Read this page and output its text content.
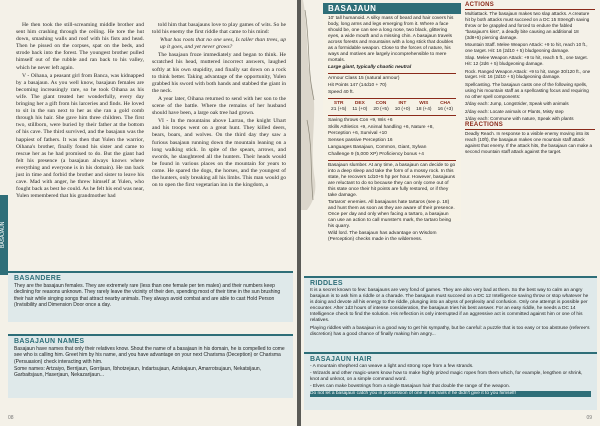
BASAJAUN

He then took the still-screaming middle brother and sent him crashing through the ceiling. He tore the hut down, smashing walls and roof with his fists and head. Then he pissed on the corpses, spat on the beds, and strode back into the forest. The youngest brother pulled himself out of the rubble and ran back to his valley, which he never left again.

V - Oihana, a peasant girl from Banca, was kidnapped by a basajaun. As you well know, basajaun females are becoming increasingly rare, so he took Oihana as his wife. The giant treated her wonderfully, every day bringing her a gift from his larceries and finds. He loved to sit in the sun next to her as she ran a gold comb through his hair. She gave him three children. The first two, stillborn, were buried by their father at the bottom of his cave. The third survived, and the basajaun was the happiest of fathers. It was then that Yulen the warrior, Oihana's brother, finally found his sister and came to rescue her as he had promised to do. But the giant had felt his presence (a basajaun always knows where everything and everyone is in his domain). He ran back just in time and forbid the brother and sister to leave his cave. Mad with anger, he threw himself at Yulen, who fought back as best he could. As he felt his end was near, Yulen remembered that his grandmother had

told him that basajauns love to play games of wits. So he told his enemy the first riddle that came to his mind:

What has roots that no one sees, Is taller than trees, up up it goes, and yet never grows?

The basajaun froze immediately and began to think. He scratched his head, muttered incorrect answers, laughed softly at his own stupidity, and finally sat down on a rock to think better. Taking advantage of the opportunity, Yulen grabbed his sword with both hands and stabbed the giant in the neck.

A year later, Oihana returned to send with her son to the scene of the battle. Where the remains of her husband should have been, a large oak tree had grown.

VI - In the mountains above Larrau, the knight Uhart and his troops went on a great hunt. They killed deers, bears, boars, and wolves. On the third day they saw a furious basajaun running down the mountain leaning on a long walking stick. In spite of the spears, arrows, and swords, he slaughtered all the hunters. Their heads would be found in various places on the mountain for years to come. He spared the dogs, the horses, and the youngest of the hunters, only breaking all his limbs. This man would go on to open the first vegetarian inn in the kingdom, a

BASANDERE

They are the basajaun females. They are extremely rare (less than one female per ten males) and their numbers keep declining for reasons unknown. They rarely leave the vicinity of their den, spending most of their time in the sun brushing their hair while singing songs that attract nearby animals. They always avoid combat and are able to cast Hold Person (Invisibility and Dimension Door once a day.

BASAJAUN NAMES

Basajaun have names that only their relatives know. Shout the name of a basajaun in his domain, he is compelled to come see who is calling him. Greet him by his name, and you have advantage on your next Charisma (Deception) or Charisma (Persuasion) check interacting with him.

Some names: Artzaiyo, Berrijaun, Gorrijaun, Ibhotzejaun, Indartsujaun, Aziskajaun, Amarrotsujaun, Nekatsijaun, Garbaitsjaun, Haserjaun, Nekazarijaun...

08
BASAJAUN

10' tall humanoid. A silky mass of beard and hair covers his body, long arms and legs emerging from it. Where a face should be, one can see a long nose, two black, glittering eyes, a wide mouth and a missing chin. A basajaun travels across forests and mountains with a long stick that doubles as a formidable weapon. Close to the forces of nature, his ways and motives are largely incomprehensible to mere mortals.

Large giant, typically chaotic neutral

Armour Class 15 (natural armour)

Hit Points 147 (14d10 + 70)

Speed 40 ft.

STR	DEX	CON	INT	WIS	CHA
21 (+5)	11 (+0)	20 (+5)	10 (+0)	18 (+4)	16 (+3)

Saving throws Con +9, Wis +6

Skills Athletics +9, Animal handling +6, Nature +8, Perception +6, Survival +10

Senses passive Perception 16

Languages Basajaun, Common, Giant, Sylvan

Challenge 9 (5,000 XP) Proficiency bonus +4

Basajaun slumber. At any time, a basajaun can decide to go into a deep sleep and take the form of a mossy rock. In this state, he recovers 1d10+5 hp per hour. However, basajauns are reluctant to do so because they can only come out of this state once their hit points are fully restored, or if they take damage.

Tartaros' enemies. All basajauns hate tartaros (see p. 18) and hunt them as soon as they are aware of their presence. Once per day and only when facing a tartaro, a basajaun can use an action to call munster's mark, the tartaro being his quarry.

Wild lord. The basajaun has advantage on Wisdom (Perception) checks made in the wilderness.

ACTIONS

Multiattack. The basajaun makes two slap attacks. A creature hit by both attacks must succeed on a DC 15 Strength saving throw or be grappled and forced to endure the fabled "basajaun's kiss", a deadly bite causing an additional 18 (3d8+5) piercing damage.

Mountain Staff. Melee Weapon Attack: +9 to hit, reach 10 ft., one target. Hit: 16 (2d10 + 5) bludgeoning damage.

Slap. Melee Weapon Attack: +9 to hit, reach 5 ft., one target. Hit: 12 (2d6 + 5) bludgeoning damage.

Rock. Ranged Weapon Attack: +9 to hit, range 30/120 ft., one target. Hit: 16 (2d10 + 5) bludgeoning damage.

Spellcasting. The basajaun casts one of the following spells, using his mountain staff as a spellcasting focus and requiring no other spell components:

3/day each: Jump, Longstrider, Speak with animals

2/day each: Locate animals or Plants, Misty step

1/day each: Commune with nature, Speak with plants

REACTIONS

Deadly Reach. In response to a visible enemy moving into its reach (10ft), the basajaun makes one mountain staff attack against that enemy. If the attack hits, the basajaun can make a second mountain staff attack against the target.

RIDDLES

It is a secret known to few: basajauns are very fond of games. They are also very bad at them. So the best way to calm an angry basajaun is to ask him a riddle or a charade. The basajaun must succeed on a DC 12 Intelligence saving throw or stop whatever he is doing and devote all his energy to the riddle, plunging into an abyss of perplexity and confusion. Only one attempt is possible per encounter. After 1d3 hours of intense consideration, the basajaun tries his best answer. For an easy riddle, he needs a DC 14 Intelligence check to find the solution. His reflection is only interrupted if an aggressive act is committed against him or one of his relatives.

Playing riddles with a basajaun is a good way to get his sympathy, but be careful: a puzzle that is too easy or too abstruse (referee's discretion) has a good chance of finally making him angry...

BASAJAUN HAIR

- A mountain shepherd can weave a light and strong rope from a few strands.

- Wizards and other magic-users know how to make highly prized magic ropes from them which, for example, lengthen or shrink, knot and unknot, on a simple command word.

- Elves can make bowstrings from a single Basajaun hair that double the range of the weapon.

Do not let a basajaun catch you in possession of one of his hairs if he didn't give it to you himself!

09
